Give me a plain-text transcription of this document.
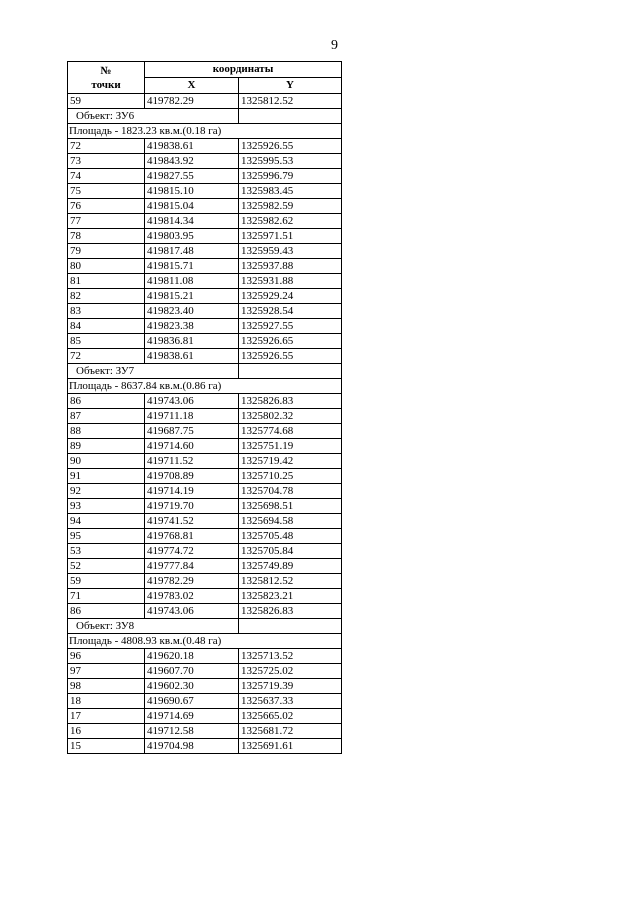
9
№
точки	координаты	
	X	Y
59	419782.29	1325812.52
Объект: ЗУ6		
Площадь - 1823.23 кв.м.(0.18 га)		
72	419838.61	1325926.55
73	419843.92	1325995.53
74	419827.55	1325996.79
75	419815.10	1325983.45
76	419815.04	1325982.59
77	419814.34	1325982.62
78	419803.95	1325971.51
79	419817.48	1325959.43
80	419815.71	1325937.88
81	419811.08	1325931.88
82	419815.21	1325929.24
83	419823.40	1325928.54
84	419823.38	1325927.55
85	419836.81	1325926.65
72	419838.61	1325926.55
Объект: ЗУ7		
Площадь - 8637.84 кв.м.(0.86 га)		
86	419743.06	1325826.83
87	419711.18	1325802.32
88	419687.75	1325774.68
89	419714.60	1325751.19
90	419711.52	1325719.42
91	419708.89	1325710.25
92	419714.19	1325704.78
93	419719.70	1325698.51
94	419741.52	1325694.58
95	419768.81	1325705.48
53	419774.72	1325705.84
52	419777.84	1325749.89
59	419782.29	1325812.52
71	419783.02	1325823.21
86	419743.06	1325826.83
Объект: ЗУ8		
Площадь - 4808.93 кв.м.(0.48 га)		
96	419620.18	1325713.52
97	419607.70	1325725.02
98	419602.30	1325719.39
18	419690.67	1325637.33
17	419714.69	1325665.02
16	419712.58	1325681.72
15	419704.98	1325691.61
